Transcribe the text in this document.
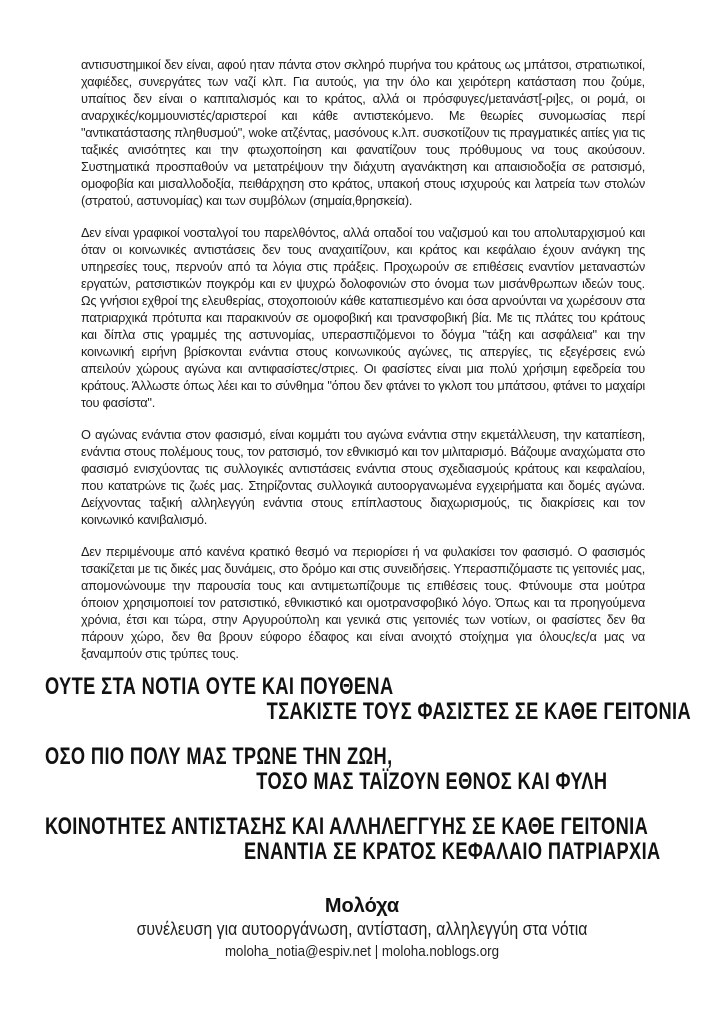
αντισυστημικοί δεν είναι, αφού ηταν πάντα στον σκληρό πυρήνα του κράτους ως μπάτσοι, στρατιωτικοί, χαφιέδες, συνεργάτες των ναζί κλπ. Για αυτούς, για την όλο και χειρότερη κατάσταση που ζούμε, υπαίτιος δεν είναι ο καπιταλισμός και το κράτος, αλλά οι πρόσφυγες/μετανάστ[-ρι]ες, οι ρομά, οι αναρχικές/κομμουνιστές/αριστεροί και κάθε αντιστεκόμενο. Με θεωρίες συνομωσίας περί "αντικατάστασης πληθυσμού", woke ατζέντας, μασόνους κ.λπ. συσκοτίζουν τις πραγματικές αιτίες για τις ταξικές ανισότητες και την φτωχοποίηση και φανατίζουν τους πρόθυμους να τους ακούσουν. Συστηματικά προσπαθούν να μετατρέψουν την διάχυτη αγανάκτηση και απαισιοδοξία σε ρατσισμό, ομοφοβία και μισαλλοδοξία, πειθάρχηση στο κράτος, υπακοή στους ισχυρούς και λατρεία των στολών (στρατού, αστυνομίας) και των συμβόλων (σημαία,θρησκεία).

Δεν είναι γραφικοί νοσταλγοί του παρελθόντος, αλλά οπαδοί του ναζισμού και του απολυταρχισμού και όταν οι κοινωνικές αντιστάσεις δεν τους αναχαιτίζουν, και κράτος και κεφάλαιο έχουν ανάγκη της υπηρεσίες τους, περνούν από τα λόγια στις πράξεις. Προχωρούν σε επιθέσεις εναντίον μεταναστών εργατών, ρατσιστικών πογκρόμ και εν ψυχρώ δολοφονιών στο όνομα των μισάνθρωπων ιδεών τους. Ως γνήσιοι εχθροί της ελευθερίας, στοχοποιούν κάθε καταπιεσμένο και όσα αρνούνται να χωρέσουν στα πατριαρχικά πρότυπα και παρακινούν σε ομοφοβική και τρανσφοβική βία. Με τις πλάτες του κράτους και δίπλα στις γραμμές της αστυνομίας, υπερασπιζόμενοι το δόγμα "τάξη και ασφάλεια" και την κοινωνική ειρήνη βρίσκονται ενάντια στους κοινωνικούς αγώνες, τις απεργίες, τις εξεγέρσεις ενώ απειλούν χώρους αγώνα και αντιφασίστες/στριες. Οι φασίστες είναι μια πολύ χρήσιμη εφεδρεία του κράτους. Άλλωστε όπως λέει και το σύνθημα "όπου δεν φτάνει το γκλοπ του μπάτσου, φτάνει το μαχαίρι του φασίστα".

Ο αγώνας ενάντια στον φασισμό, είναι κομμάτι του αγώνα ενάντια στην εκμετάλλευση, την καταπίεση, ενάντια στους πολέμους τους, τον ρατσισμό, τον εθνικισμό και τον μιλιταρισμό. Βάζουμε αναχώματα στο φασισμό ενισχύοντας τις συλλογικές αντιστάσεις ενάντια στους σχεδιασμούς κράτους και κεφαλαίου, που κατατρώνε τις ζωές μας. Στηρίζοντας συλλογικά αυτοοργανωμένα εγχειρήματα και δομές αγώνα. Δείχνοντας ταξική αλληλεγγύη ενάντια στους επίπλαστους διαχωρισμούς, τις διακρίσεις και τον κοινωνικό κανιβαλισμό.

Δεν περιμένουμε από κανένα κρατικό θεσμό να περιορίσει ή να φυλακίσει τον φασισμό. Ο φασισμός τσακίζεται με τις δικές μας δυνάμεις, στο δρόμο και στις συνειδήσεις. Υπερασπιζόμαστε τις γειτονιές μας, απομονώνουμε την παρουσία τους και αντιμετωπίζουμε τις επιθέσεις τους. Φτύνουμε στα μούτρα όποιον χρησιμοποιεί τον ρατσιστικό, εθνικιστικό και ομοτρανσφοβικό λόγο. Όπως και τα προηγούμενα χρόνια, έτσι και τώρα, στην Αργυρούπολη και γενικά στις γειτονιές των νοτίων, οι φασίστες δεν θα πάρουν χώρο, δεν θα βρουν εύφορο έδαφος και είναι ανοιχτό στοίχημα για όλους/ες/α μας να ξαναμπούν στις τρύπες τους.

ΟΥΤΕ ΣΤΑ ΝΟΤΙΑ ΟΥΤΕ ΚΑΙ ΠΟΥΘΕΝΑ
ΤΣΑΚΙΣΤΕ ΤΟΥΣ ΦΑΣΙΣΤΕΣ ΣΕ ΚΑΘΕ ΓΕΙΤΟΝΙΑ
ΟΣΟ ΠΙΟ ΠΟΛΥ ΜΑΣ ΤΡΩΝΕ ΤΗΝ ΖΩΗ,
ΤΟΣΟ ΜΑΣ ΤΑΪΖΟΥΝ ΕΘΝΟΣ ΚΑΙ ΦΥΛΗ
ΚΟΙΝΟΤΗΤΕΣ ΑΝΤΙΣΤΑΣΗΣ ΚΑΙ ΑΛΛΗΛΕΓΓΥΗΣ ΣΕ ΚΑΘΕ ΓΕΙΤΟΝΙΑ
ΕΝΑΝΤΙΑ ΣΕ ΚΡΑΤΟΣ ΚΕΦΑΛΑΙΟ ΠΑΤΡΙΑΡΧΙΑ
Μολόχα
συνέλευση για αυτοοργάνωση, αντίσταση, αλληλεγγύη στα νότια
moloha_notia@espiv.net | moloha.noblogs.org
